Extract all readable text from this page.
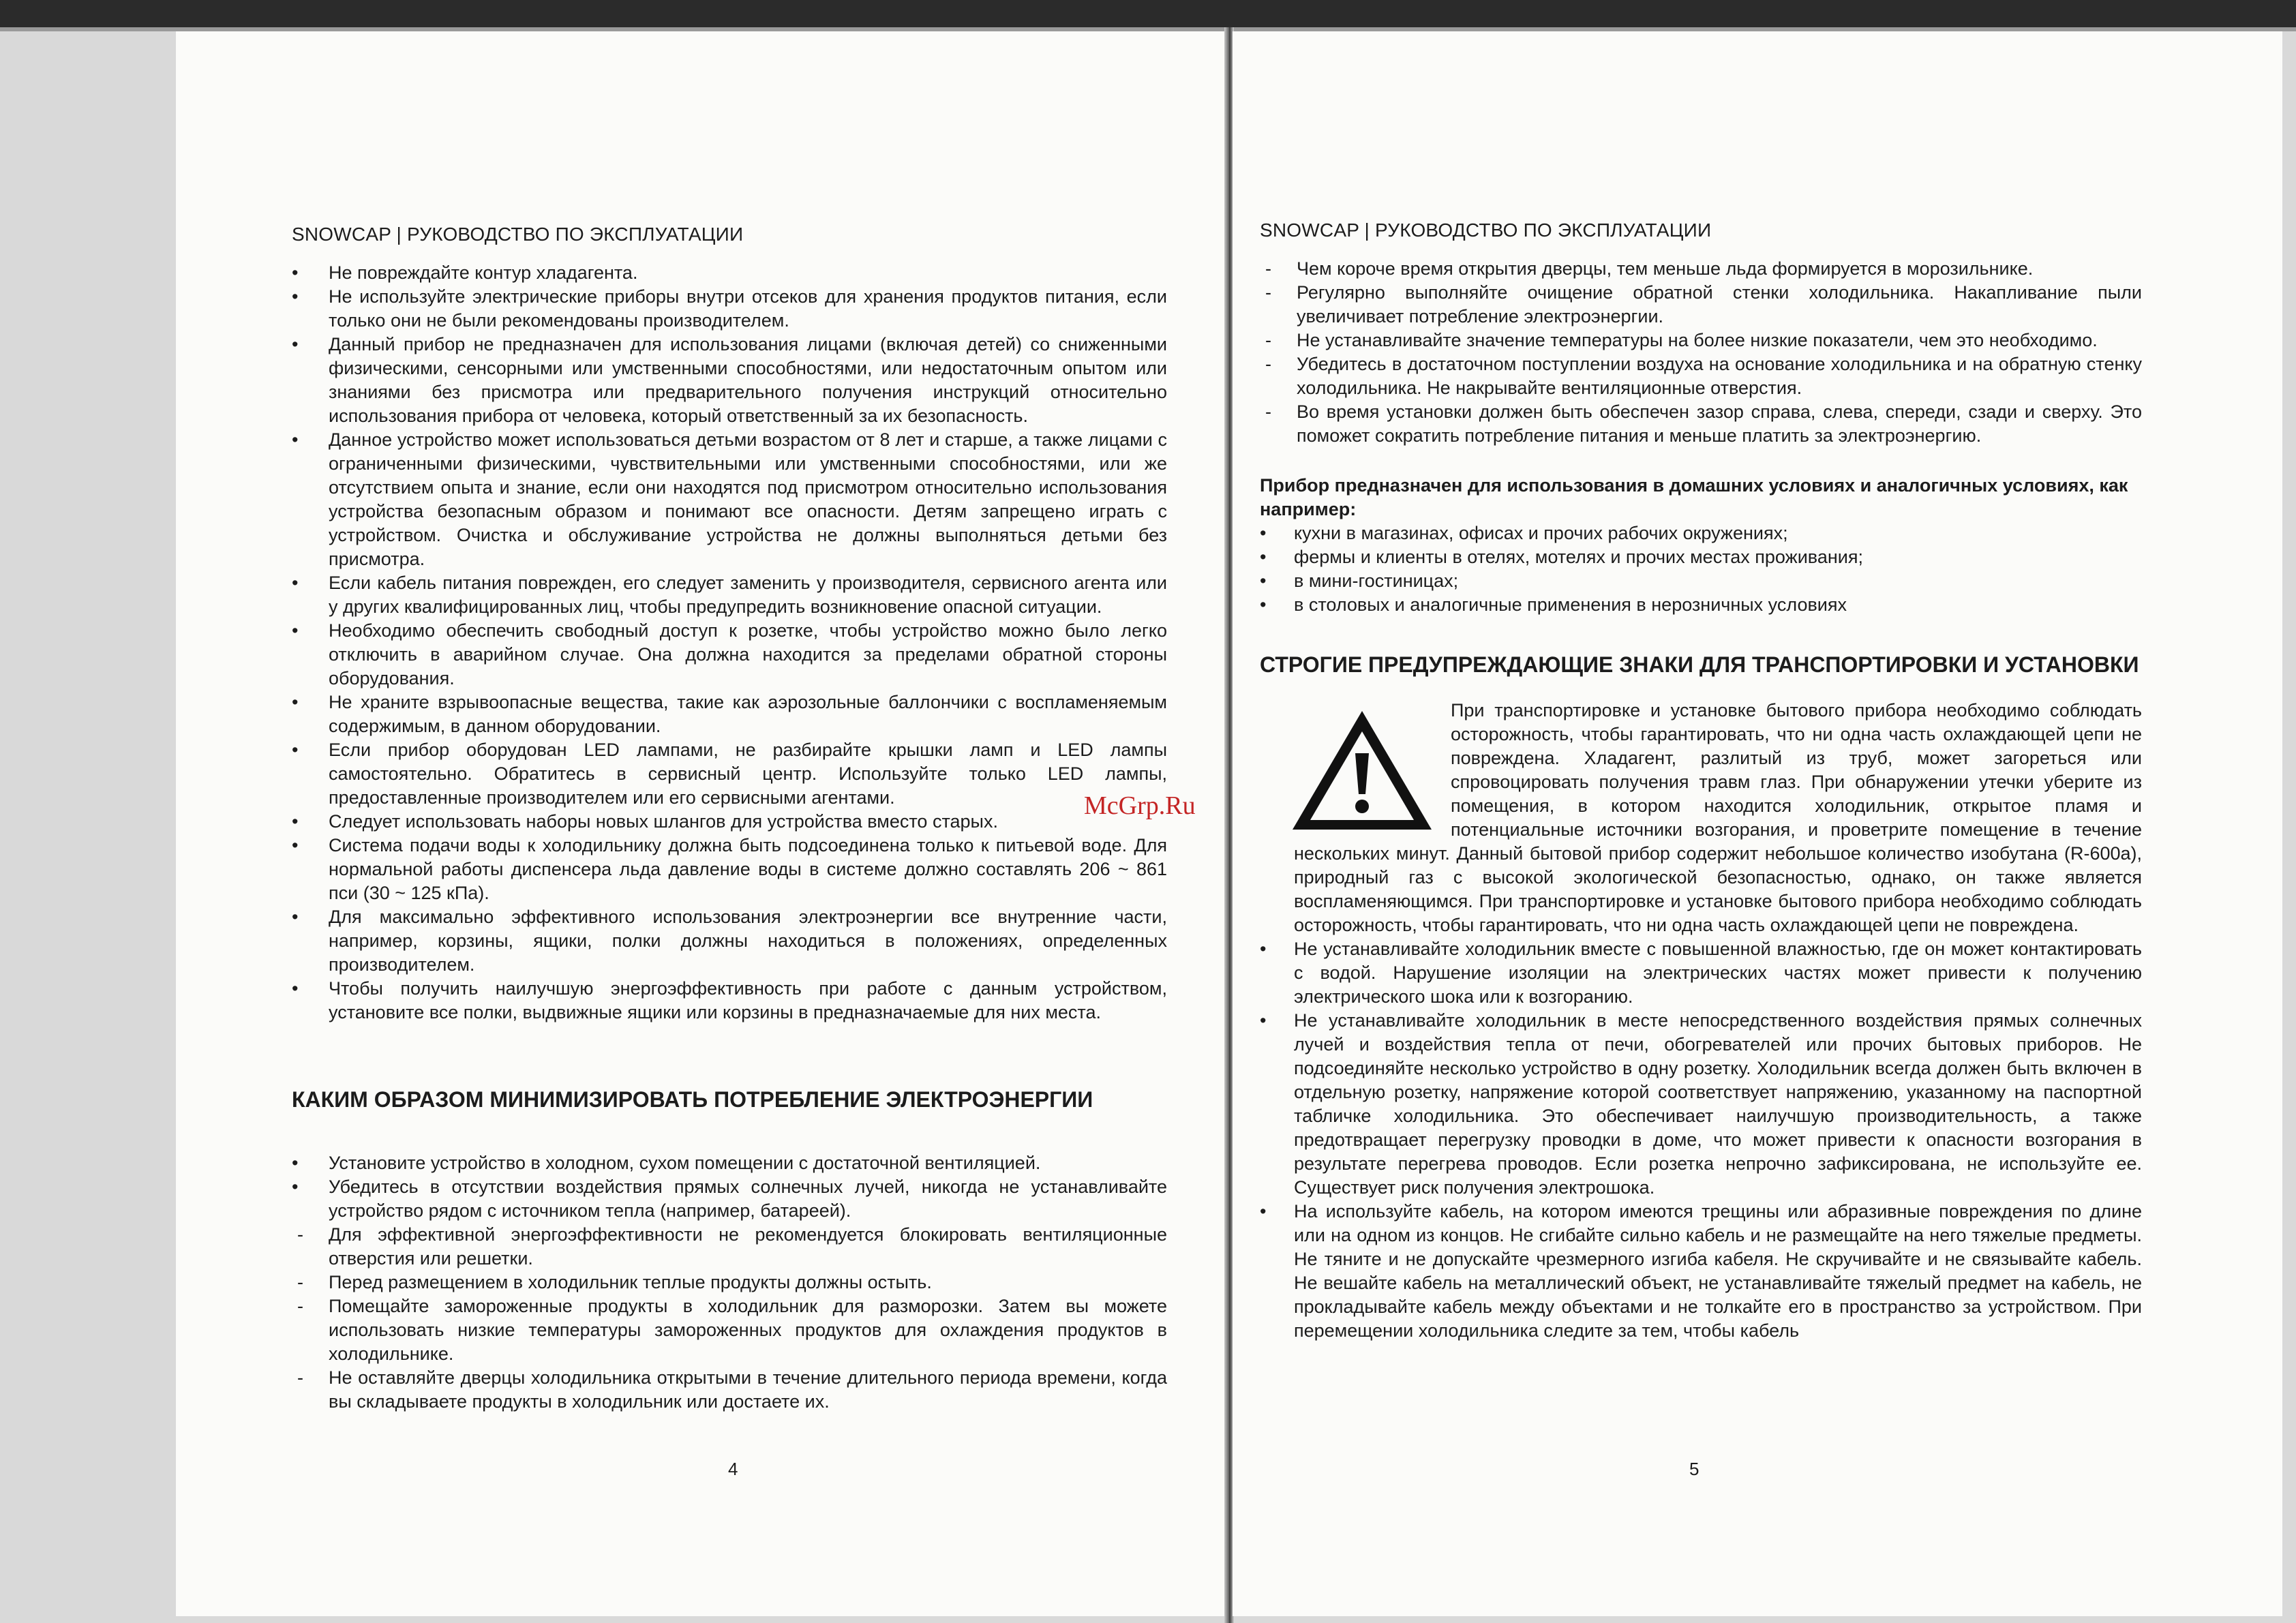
SNOWCAP | РУКОВОДСТВО ПО ЭКСПЛУАТАЦИИ
• Не повреждайте контур хладагента.
• Не используйте электрические приборы внутри отсеков для хранения продуктов питания, если только они не были рекомендованы производителем.
• Данный прибор не предназначен для использования лицами (включая детей) со сниженными физическими, сенсорными или умственными способностями, или недостаточным опытом или знаниями без присмотра или предварительного получения инструкций относительно использования прибора от человека, который ответственный за их безопасность.
• Данное устройство может использоваться детьми возрастом от 8 лет и старше, а также лицами с ограниченными физическими, чувствительными или умственными способностями, или же отсутствием опыта и знание, если они находятся под присмотром относительно использования устройства безопасным образом и понимают все опасности. Детям запрещено играть с устройством. Очистка и обслуживание устройства не должны выполняться детьми без присмотра.
• Если кабель питания поврежден, его следует заменить у производителя, сервисного агента или у других квалифицированных лиц, чтобы предупредить возникновение опасной ситуации.
• Необходимо обеспечить свободный доступ к розетке, чтобы устройство можно было легко отключить в аварийном случае. Она должна находится за пределами обратной стороны оборудования.
• Не храните взрывоопасные вещества, такие как аэрозольные баллончики с воспламеняемым содержимым, в данном оборудовании.
• Если прибор оборудован LED лампами, не разбирайте крышки ламп и LED лампы самостоятельно. Обратитесь в сервисный центр. Используйте только LED лампы, предоставленные производителем или его сервисными агентами.
• Следует использовать наборы новых шлангов для устройства вместо старых.
• Система подачи воды к холодильнику должна быть подсоединена только к питьевой воде. Для нормальной работы диспенсера льда давление воды в системе должно составлять 206 ~ 861 пси (30 ~ 125 кПа).
• Для максимально эффективного использования электроэнергии все внутренние части, например, корзины, ящики, полки должны находиться в положениях, определенных производителем.
• Чтобы получить наилучшую энергоэффективность при работе с данным устройством, установите все полки, выдвижные ящики или корзины в предназначаемые для них места.
КАКИМ ОБРАЗОМ МИНИМИЗИРОВАТЬ ПОТРЕБЛЕНИЕ ЭЛЕКТРОЭНЕРГИИ
• Установите устройство в холодном, сухом помещении с достаточной вентиляцией.
• Убедитесь в отсутствии воздействия прямых солнечных лучей, никогда не устанавливайте устройство рядом с источником тепла (например, батареей).
- Для эффективной энергоэффективности не рекомендуется блокировать вентиляционные отверстия или решетки.
- Перед размещением в холодильник теплые продукты должны остыть.
- Помещайте замороженные продукты в холодильник для разморозки. Затем вы можете использовать низкие температуры замороженных продуктов для охлаждения продуктов в холодильнике.
- Не оставляйте дверцы холодильника открытыми в течение длительного периода времени, когда вы складываете продукты в холодильник или достаете их.
4
SNOWCAP | РУКОВОДСТВО ПО ЭКСПЛУАТАЦИИ
- Чем короче время открытия дверцы, тем меньше льда формируется в морозильнике.
- Регулярно выполняйте очищение обратной стенки холодильника. Накапливание пыли увеличивает потребление электроэнергии.
- Не устанавливайте значение температуры на более низкие показатели, чем это необходимо.
- Убедитесь в достаточном поступлении воздуха на основание холодильника и на обратную стенку холодильника. Не накрывайте вентиляционные отверстия.
- Во время установки должен быть обеспечен зазор справа, слева, спереди, сзади и сверху. Это поможет сократить потребление питания и меньше платить за электроэнергию.
Прибор предназначен для использования в домашних условиях и аналогичных условиях, как например:
• кухни в магазинах, офисах и прочих рабочих окружениях;
• фермы и клиенты в отелях, мотелях и прочих местах проживания;
• в мини-гостиницах;
• в столовых и аналогичные применения в нерозничных условиях
СТРОГИЕ ПРЕДУПРЕЖДАЮЩИЕ ЗНАКИ ДЛЯ ТРАНСПОРТИРОВКИ И УСТАНОВКИ
При транспортировке и установке бытового прибора необходимо соблюдать осторожность, чтобы гарантировать, что ни одна часть охлаждающей цепи не повреждена. Хладагент, разлитый из труб, может загореться или спровоцировать получения травм глаз. При обнаружении утечки уберите из помещения, в котором находится холодильник, открытое пламя и потенциальные источники возгорания, и проветрите помещение в течение нескольких минут. Данный бытовой прибор содержит небольшое количество изобутана (R-600a), природный газ с высокой экологической безопасностью, однако, он также является воспламеняющимся. При транспортировке и установке бытового прибора необходимо соблюдать осторожность, чтобы гарантировать, что ни одна часть охлаждающей цепи не повреждена.
• Не устанавливайте холодильник вместе с повышенной влажностью, где он может контактировать с водой. Нарушение изоляции на электрических частях может привести к получению электрического шока или к возгоранию.
• Не устанавливайте холодильник в месте непосредственного воздействия прямых солнечных лучей и воздействия тепла от печи, обогревателей или прочих бытовых приборов. Не подсоединяйте несколько устройство в одну розетку. Холодильник всегда должен быть включен в отдельную розетку, напряжение которой соответствует напряжению, указанному на паспортной табличке холодильника. Это обеспечивает наилучшую производительность, а также предотвращает перегрузку проводки в доме, что может привести к опасности возгорания в результате перегрева проводов. Если розетка непрочно зафиксирована, не используйте ее. Существует риск получения электрошока.
• На используйте кабель, на котором имеются трещины или абразивные повреждения по длине или на одном из концов. Не сгибайте сильно кабель и не размещайте на него тяжелые предметы. Не тяните и не допускайте чрезмерного изгиба кабеля. Не скручивайте и не связывайте кабель. Не вешайте кабель на металлический объект, не устанавливайте тяжелый предмет на кабель, не прокладывайте кабель между объектами и не толкайте его в пространство за устройством. При перемещении холодильника следите за тем, чтобы кабель
5
McGrp.Ru
